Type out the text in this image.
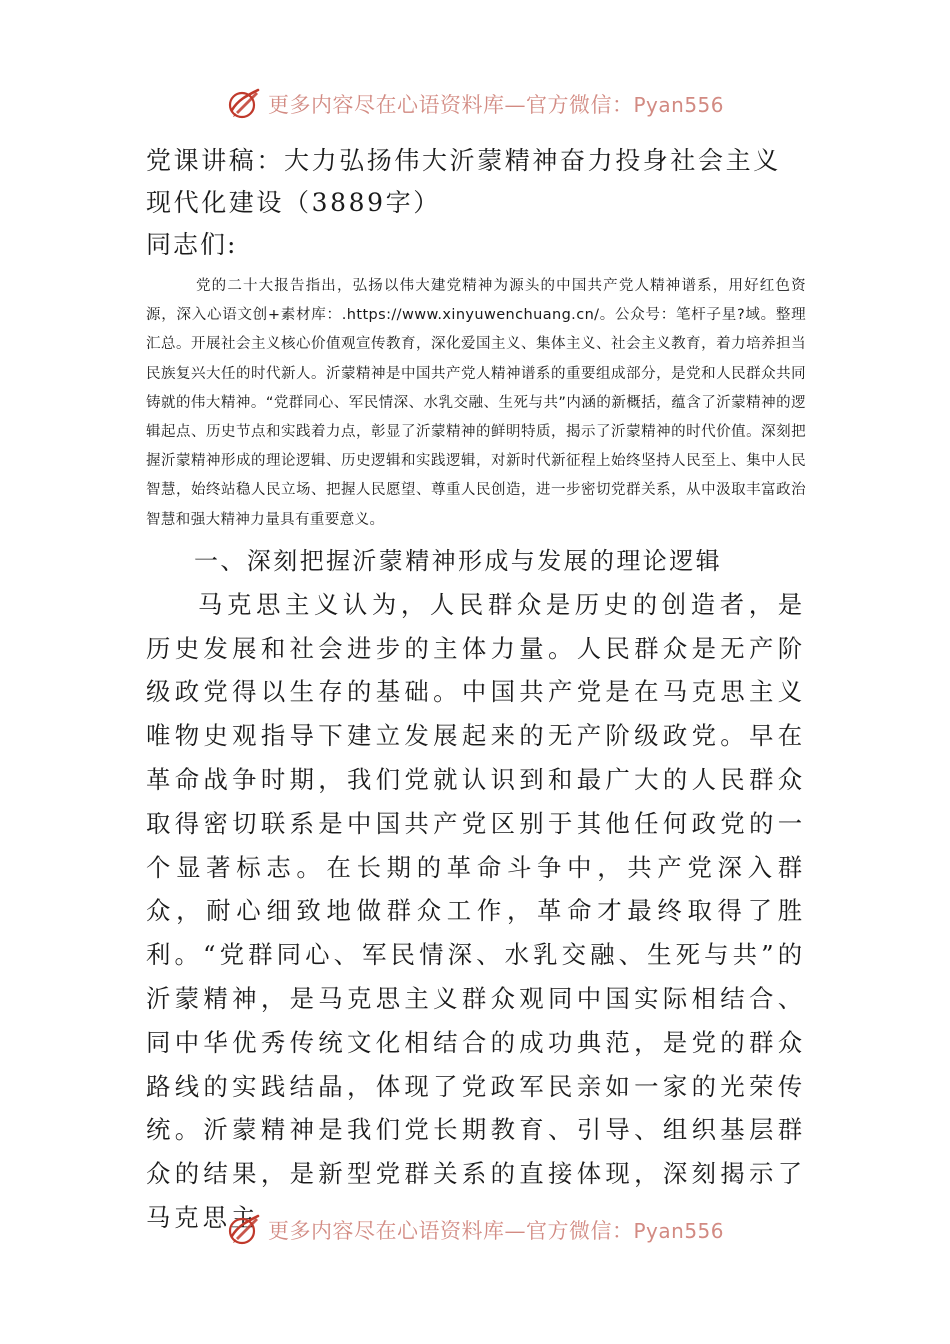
更多内容尽在心语资料库—官方微信：Pyan556
党课讲稿：大力弘扬伟大沂蒙精神奋力投身社会主义现代化建设（3889字）

同志们:

党的二十大报告指出，弘扬以伟大建党精神为源头的中国共产党人精神谱系，用好红色资源，深入心语文创+素材库：.https://www.xinyuwenchuang.cn/。公众号：笔杆子星?域。整理汇总。开展社会主义核心价值观宣传教育，深化爱国主义、集体主义、社会主义教育，着力培养担当民族复兴大任的时代新人。沂蒙精神是中国共产党人精神谱系的重要组成部分，是党和人民群众共同铸就的伟大精神。“党群同心、军民情深、水乳交融、生死与共”内涵的新概括，蕴含了沂蒙精神的逻辑起点、历史节点和实践着力点，彰显了沂蒙精神的鲜明特质，揭示了沂蒙精神的时代价值。深刻把握沂蒙精神形成的理论逻辑、历史逻辑和实践逻辑，对新时代新征程上始终坚持人民至上、集中人民智慧，始终站稳人民立场、把握人民愿望、尊重人民创造，进一步密切党群关系，从中汲取丰富政治智慧和强大精神力量具有重要意义。

一、深刻把握沂蒙精神形成与发展的理论逻辑

马克思主义认为，人民群众是历史的创造者，是历史发展和社会进步的主体力量。人民群众是无产阶级政党得以生存的基础。中国共产党是在马克思主义唯物史观指导下建立发展起来的无产阶级政党。早在革命战争时期，我们党就认识到和最广大的人民群众取得密切联系是中国共产党区别于其他任何政党的一个显著标志。在长期的革命斗争中，共产党深入群众，耐心细致地做群众工作，革命才最终取得了胜利。“党群同心、军民情深、水乳交融、生死与共”的沂蒙精神，是马克思主义群众观同中国实际相结合、同中华优秀传统文化相结合的成功典范，是党的群众路线的实践结晶，体现了党政军民亲如一家的光荣传统。沂蒙精神是我们党长期教育、引导、组织基层群众的结果，是新型党群关系的直接体现，深刻揭示了马克思主 更多内容尽在心语资料库—官方微信：Pyan556
